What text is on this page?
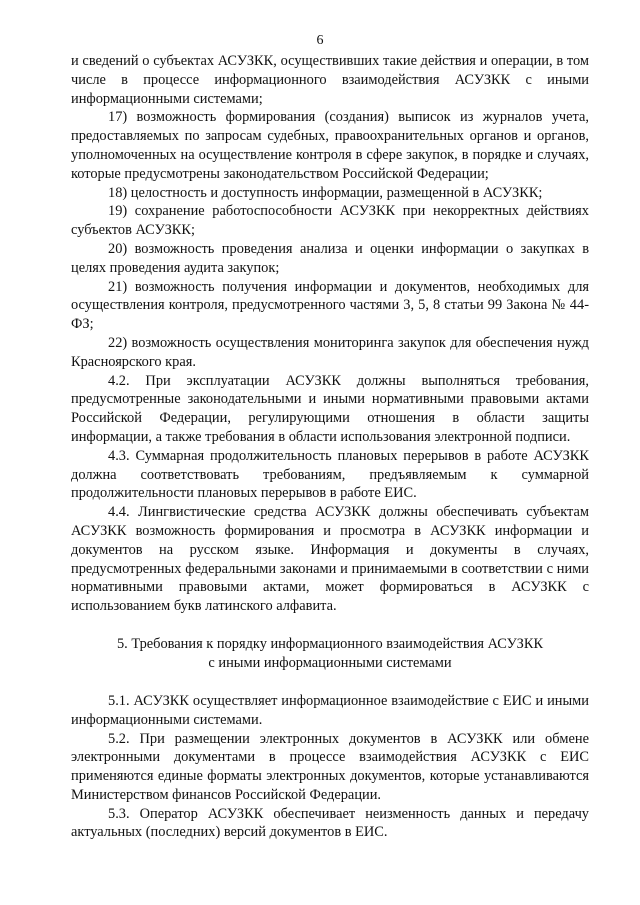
6

и сведений о субъектах АСУЗКК, осуществивших такие действия и операции, в том числе в процессе информационного взаимодействия АСУЗКК с иными информационными системами;

17) возможность формирования (создания) выписок из журналов учета, предоставляемых по запросам судебных, правоохранительных органов и органов, уполномоченных на осуществление контроля в сфере закупок, в порядке и случаях, которые предусмотрены законодательством Российской Федерации;

18) целостность и доступность информации, размещенной в АСУЗКК;

19) сохранение работоспособности АСУЗКК при некорректных действиях субъектов АСУЗКК;

20) возможность проведения анализа и оценки информации о закупках в целях проведения аудита закупок;

21) возможность получения информации и документов, необходимых для осуществления контроля, предусмотренного частями 3, 5, 8 статьи 99 Закона № 44-ФЗ;

22) возможность осуществления мониторинга закупок для обеспечения нужд Красноярского края.

4.2. При эксплуатации АСУЗКК должны выполняться требования, предусмотренные законодательными и иными нормативными правовыми актами Российской Федерации, регулирующими отношения в области защиты информации, а также требования в области использования электронной подписи.

4.3. Суммарная продолжительность плановых перерывов в работе АСУЗКК должна соответствовать требованиям, предъявляемым к суммарной продолжительности плановых перерывов в работе ЕИС.

4.4. Лингвистические средства АСУЗКК должны обеспечивать субъектам АСУЗКК возможность формирования и просмотра в АСУЗКК информации и документов на русском языке. Информация и документы в случаях, предусмотренных федеральными законами и принимаемыми в соответствии с ними нормативными правовыми актами, может формироваться в АСУЗКК с использованием букв латинского алфавита.

5. Требования к порядку информационного взаимодействия АСУЗКК

с иными информационными системами

5.1. АСУЗКК осуществляет информационное взаимодействие с ЕИС и иными информационными системами.

5.2. При размещении электронных документов в АСУЗКК или обмене электронными документами в процессе взаимодействия АСУЗКК с ЕИС применяются единые форматы электронных документов, которые устанавливаются Министерством финансов Российской Федерации.

5.3. Оператор АСУЗКК обеспечивает неизменность данных и передачу актуальных (последних) версий документов в ЕИС.
